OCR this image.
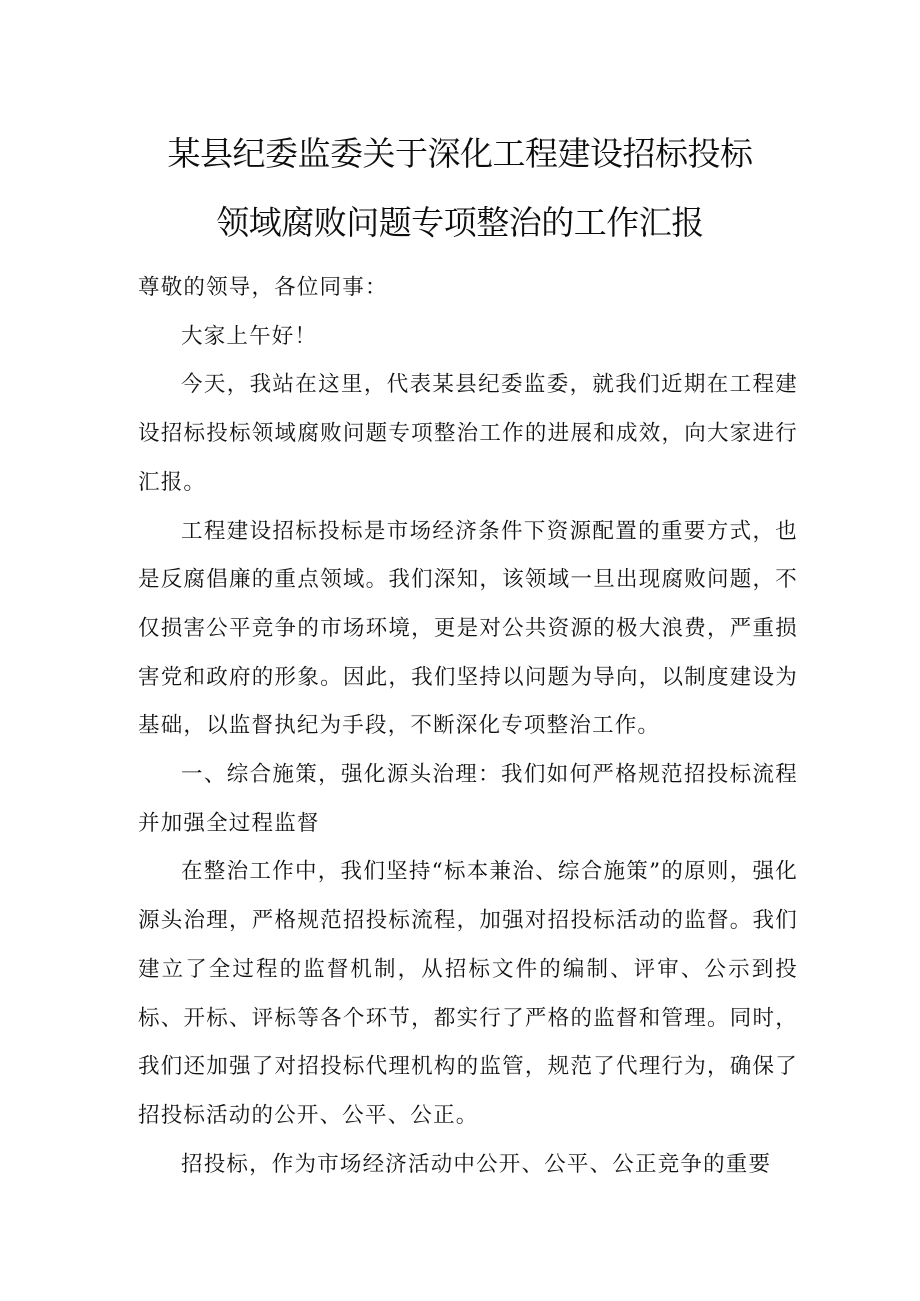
某县纪委监委关于深化工程建设招标投标
领域腐败问题专项整治的工作汇报

尊敬的领导，各位同事：

大家上午好！

今天，我站在这里，代表某县纪委监委，就我们近期在工程建设招标投标领域腐败问题专项整治工作的进展和成效，向大家进行汇报。

工程建设招标投标是市场经济条件下资源配置的重要方式，也是反腐倡廉的重点领域。我们深知，该领域一旦出现腐败问题，不仅损害公平竞争的市场环境，更是对公共资源的极大浪费，严重损害党和政府的形象。因此，我们坚持以问题为导向，以制度建设为基础，以监督执纪为手段，不断深化专项整治工作。

一、综合施策，强化源头治理：我们如何严格规范招投标流程并加强全过程监督

在整治工作中，我们坚持“标本兼治、综合施策”的原则，强化源头治理，严格规范招投标流程，加强对招投标活动的监督。我们建立了全过程的监督机制，从招标文件的编制、评审、公示到投标、开标、评标等各个环节，都实行了严格的监督和管理。同时，我们还加强了对招投标代理机构的监管，规范了代理行为，确保了招投标活动的公开、公平、公正。

招投标，作为市场经济活动中公开、公平、公正竞争的重要
